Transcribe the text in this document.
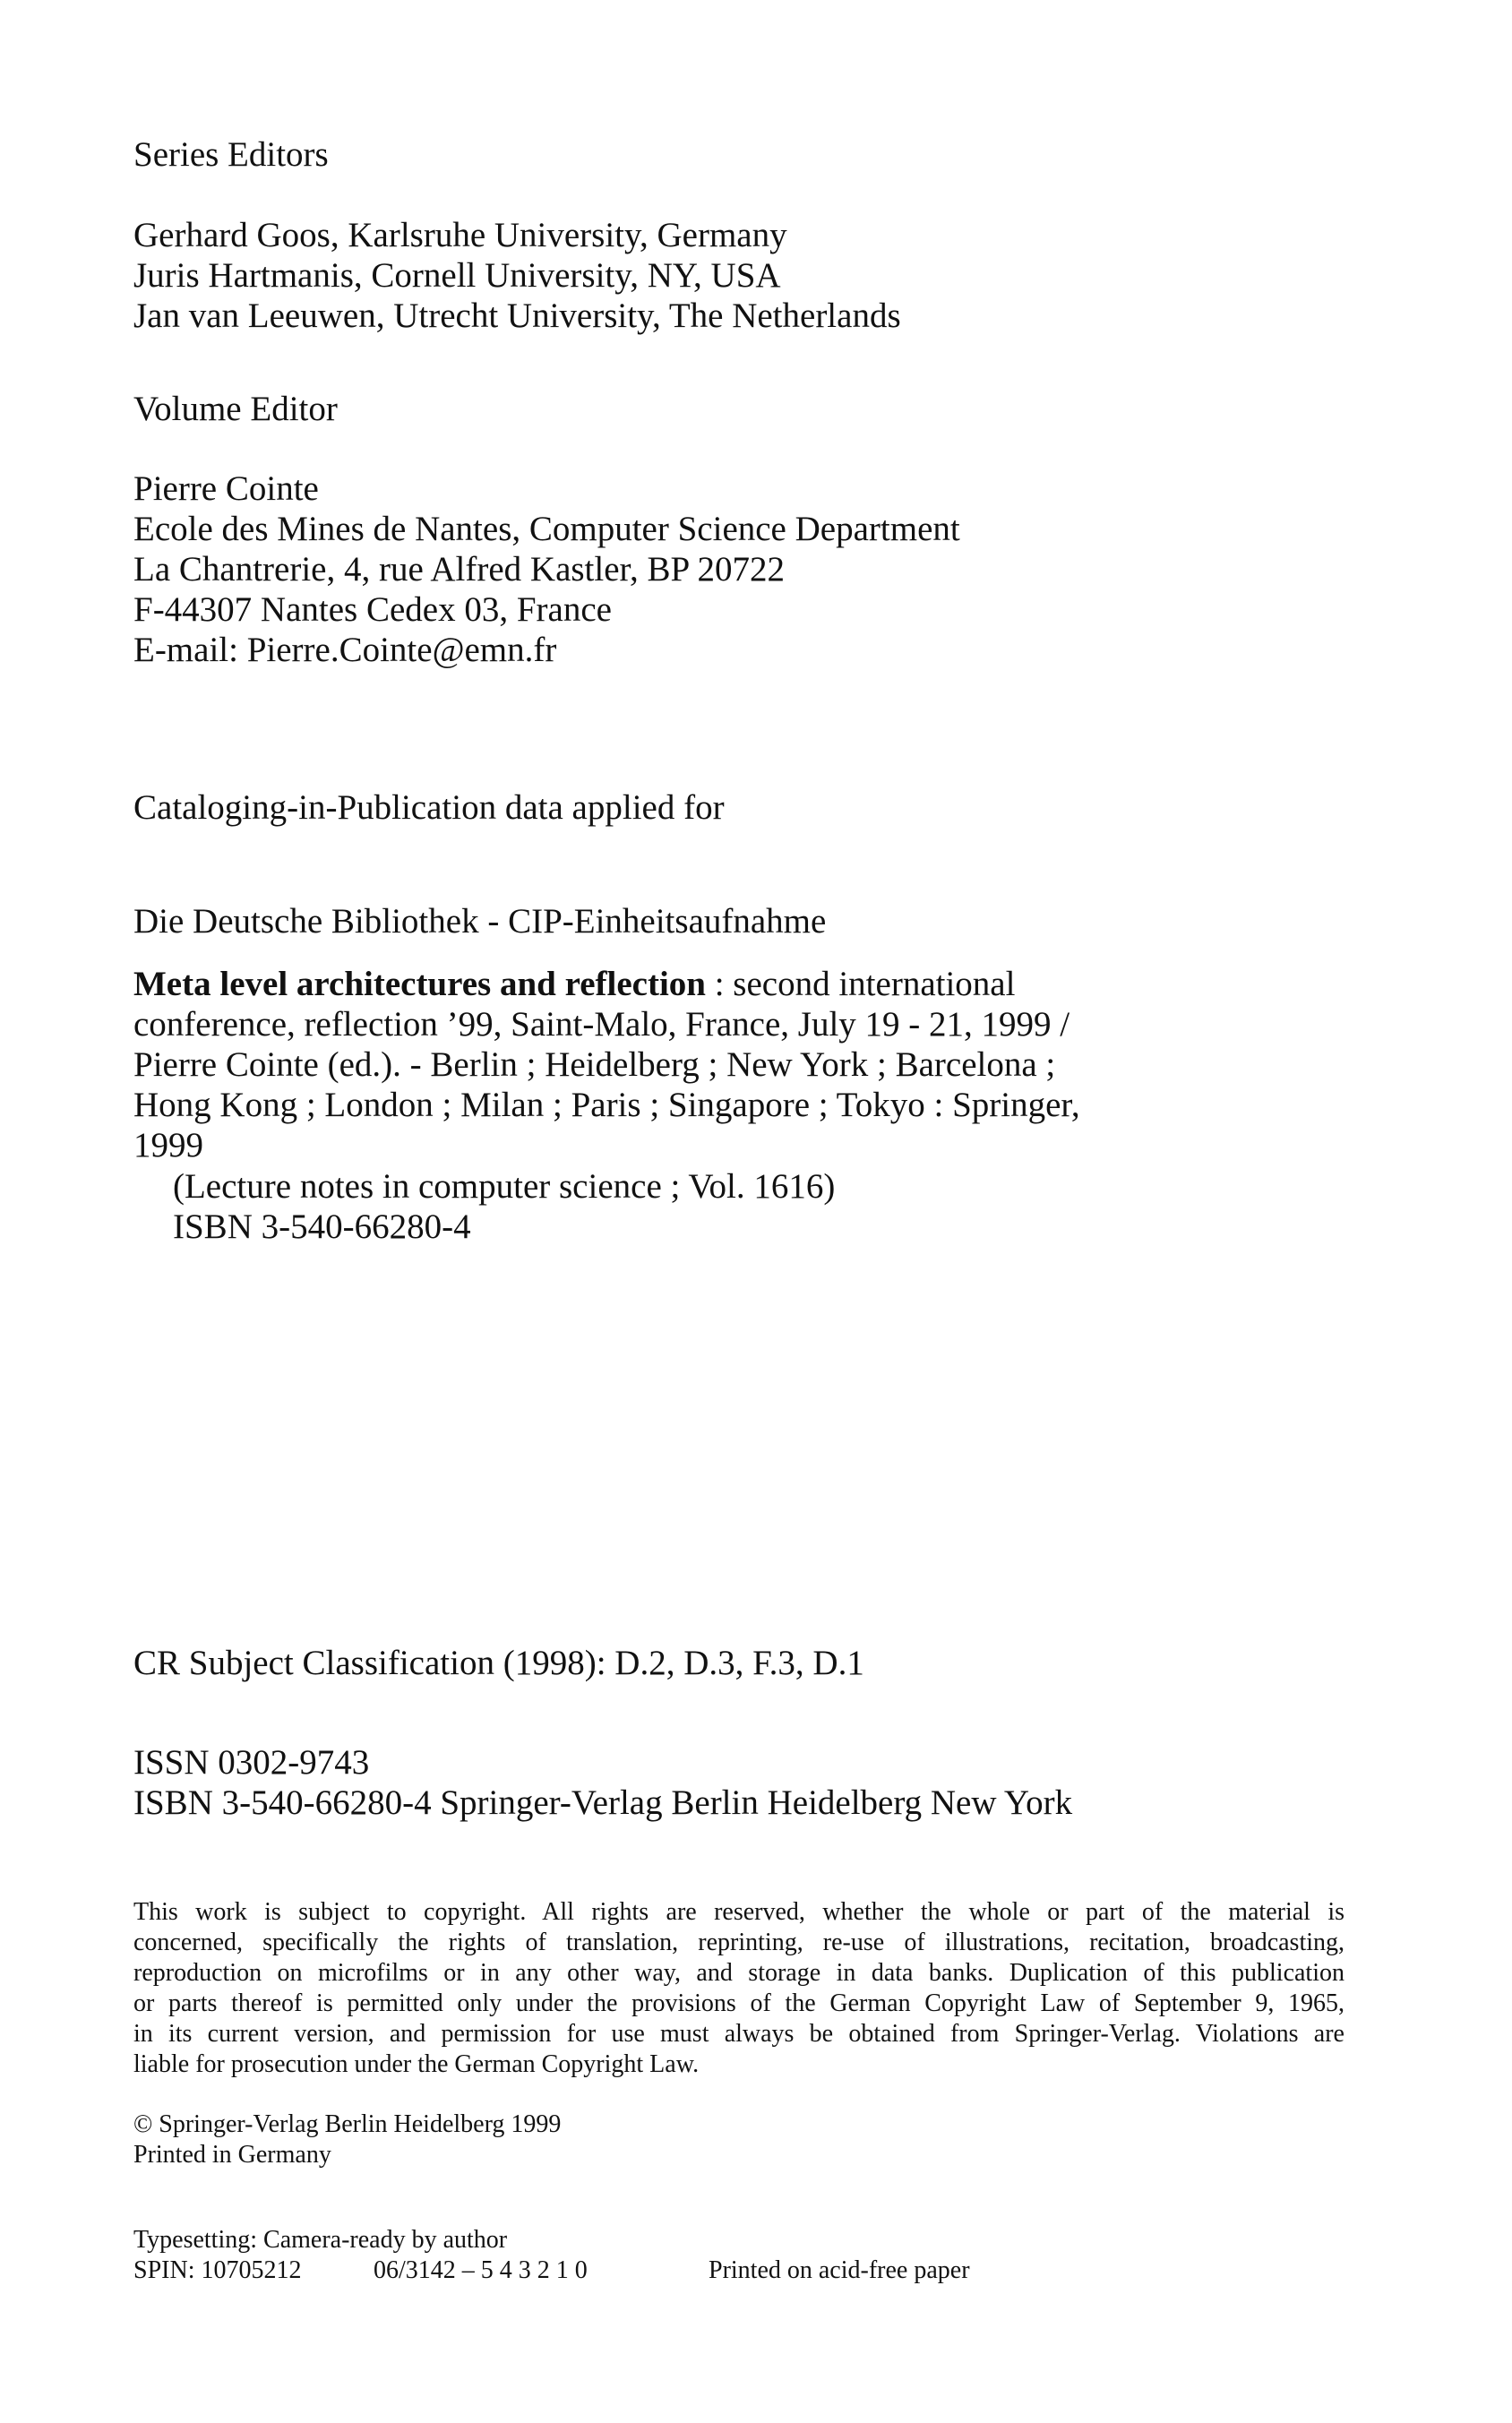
Series Editors
Gerhard Goos, Karlsruhe University, Germany
Juris Hartmanis, Cornell University, NY, USA
Jan van Leeuwen, Utrecht University, The Netherlands
Volume Editor
Pierre Cointe
Ecole des Mines de Nantes, Computer Science Department
La Chantrerie, 4, rue Alfred Kastler, BP 20722
F-44307 Nantes Cedex 03, France
E-mail: Pierre.Cointe@emn.fr
Cataloging-in-Publication data applied for
Die Deutsche Bibliothek - CIP-Einheitsaufnahme
Meta level architectures and reflection : second international
conference, reflection ’99, Saint-Malo, France, July 19 - 21, 1999 /
Pierre Cointe (ed.). - Berlin ; Heidelberg ; New York ; Barcelona ;
Hong Kong ; London ; Milan ; Paris ; Singapore ; Tokyo : Springer,
1999
(Lecture notes in computer science ; Vol. 1616)
ISBN 3-540-66280-4
CR Subject Classification (1998): D.2, D.3, F.3, D.1
ISSN 0302-9743
ISBN 3-540-66280-4 Springer-Verlag Berlin Heidelberg New York
This work is subject to copyright. All rights are reserved, whether the whole or part of the material is
concerned, specifically the rights of translation, reprinting, re-use of illustrations, recitation, broadcasting,
reproduction on microfilms or in any other way, and storage in data banks. Duplication of this publication
or parts thereof is permitted only under the provisions of the German Copyright Law of September 9, 1965,
in its current version, and permission for use must always be obtained from Springer-Verlag. Violations are
liable for prosecution under the German Copyright Law.
© Springer-Verlag Berlin Heidelberg 1999
Printed in Germany
Typesetting: Camera-ready by author
SPIN: 10705212	06/3142 – 5 4 3 2 1 0	Printed on acid-free paper
